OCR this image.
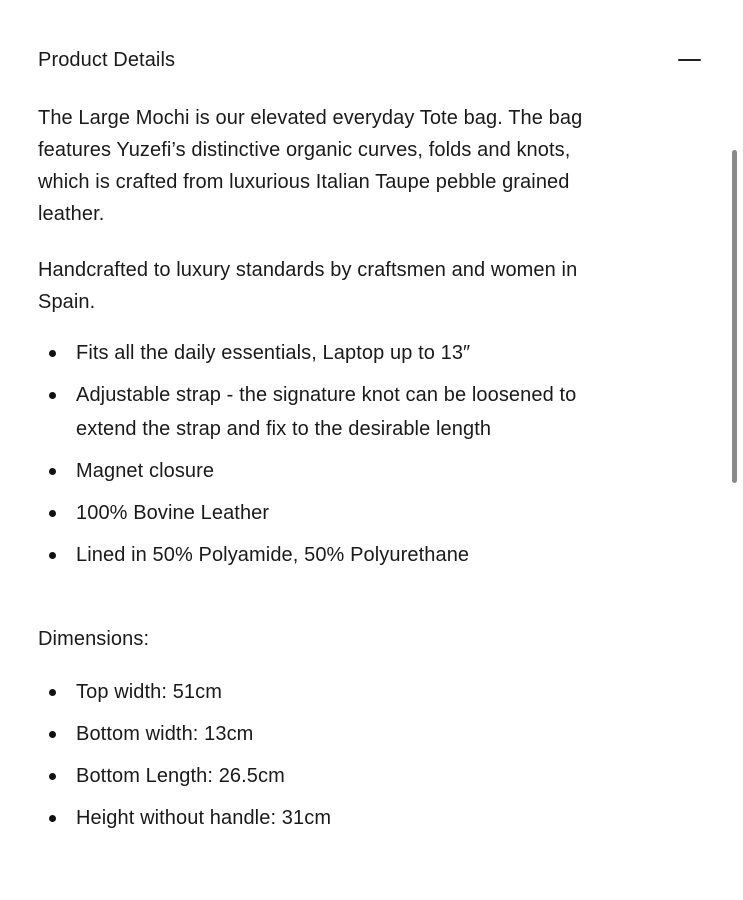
Product Details

The Large Mochi is our elevated everyday Tote bag. The bag features Yuzefi’s distinctive organic curves, folds and knots, which is crafted from luxurious Italian Taupe pebble grained leather.

Handcrafted to luxury standards by craftsmen and women in Spain.

Fits all the daily essentials, Laptop up to 13″
Adjustable strap - the signature knot can be loosened to extend the strap and fix to the desirable length
Magnet closure
100% Bovine Leather
Lined in 50% Polyamide, 50% Polyurethane

Dimensions:

Top width: 51cm
Bottom width: 13cm
Bottom Length: 26.5cm
Height without handle: 31cm
